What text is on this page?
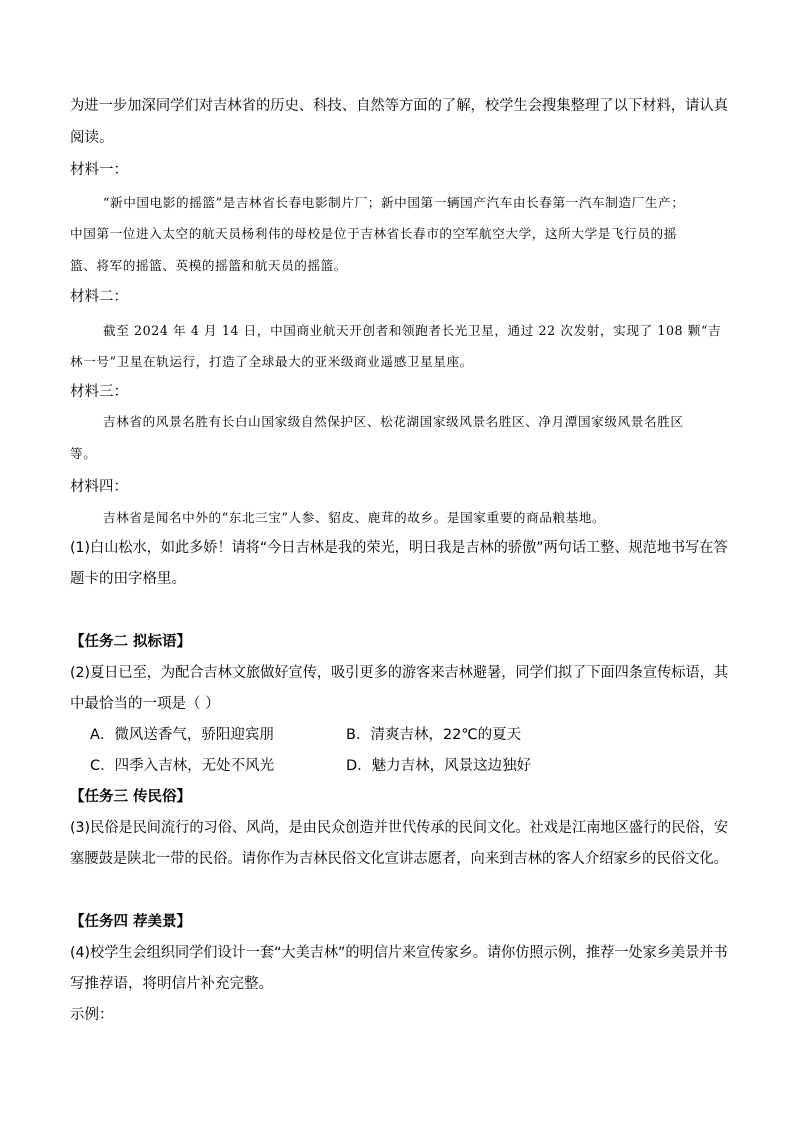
为进一步加深同学们对吉林省的历史、科技、自然等方面的了解，校学生会搜集整理了以下材料，请认真
阅读。
材料一：
“新中国电影的摇篮”是吉林省长春电影制片厂；新中国第一辆国产汽车由长春第一汽车制造厂生产；
中国第一位进入太空的航天员杨利伟的母校是位于吉林省长春市的空军航空大学，这所大学是飞行员的摇
篮、将军的摇篮、英模的摇篮和航天员的摇篮。
材料二：
截至 2024 年 4 月 14 日，中国商业航天开创者和领跑者长光卫星，通过 22 次发射，实现了 108 颗“吉
林一号”卫星在轨运行，打造了全球最大的亚米级商业遥感卫星星座。
材料三：
吉林省的风景名胜有长白山国家级自然保护区、松花湖国家级风景名胜区、净月潭国家级风景名胜区
等。
材料四：
吉林省是闻名中外的“东北三宝”人参、貂皮、鹿茸的故乡。是国家重要的商品粮基地。
(1)白山松水，如此多娇！请将“今日吉林是我的荣光，明日我是吉林的骄傲”两句话工整、规范地书写在答
题卡的田字格里。
【任务二 拟标语】
(2)夏日已至，为配合吉林文旅做好宣传，吸引更多的游客来吉林避暑，同学们拟了下面四条宣传标语，其
中最恰当的一项是（ ）
A．微风送香气，骄阳迎宾朋	B．清爽吉林，22℃的夏天
C．四季入吉林，无处不风光	D．魅力吉林，风景这边独好
【任务三 传民俗】
(3)民俗是民间流行的习俗、风尚，是由民众创造并世代传承的民间文化。社戏是江南地区盛行的民俗，安
塞腰鼓是陕北一带的民俗。请你作为吉林民俗文化宣讲志愿者，向来到吉林的客人介绍家乡的民俗文化。
【任务四 荐美景】
(4)校学生会组织同学们设计一套“大美吉林”的明信片来宣传家乡。请你仿照示例，推荐一处家乡美景并书
写推荐语，将明信片补充完整。
示例：
